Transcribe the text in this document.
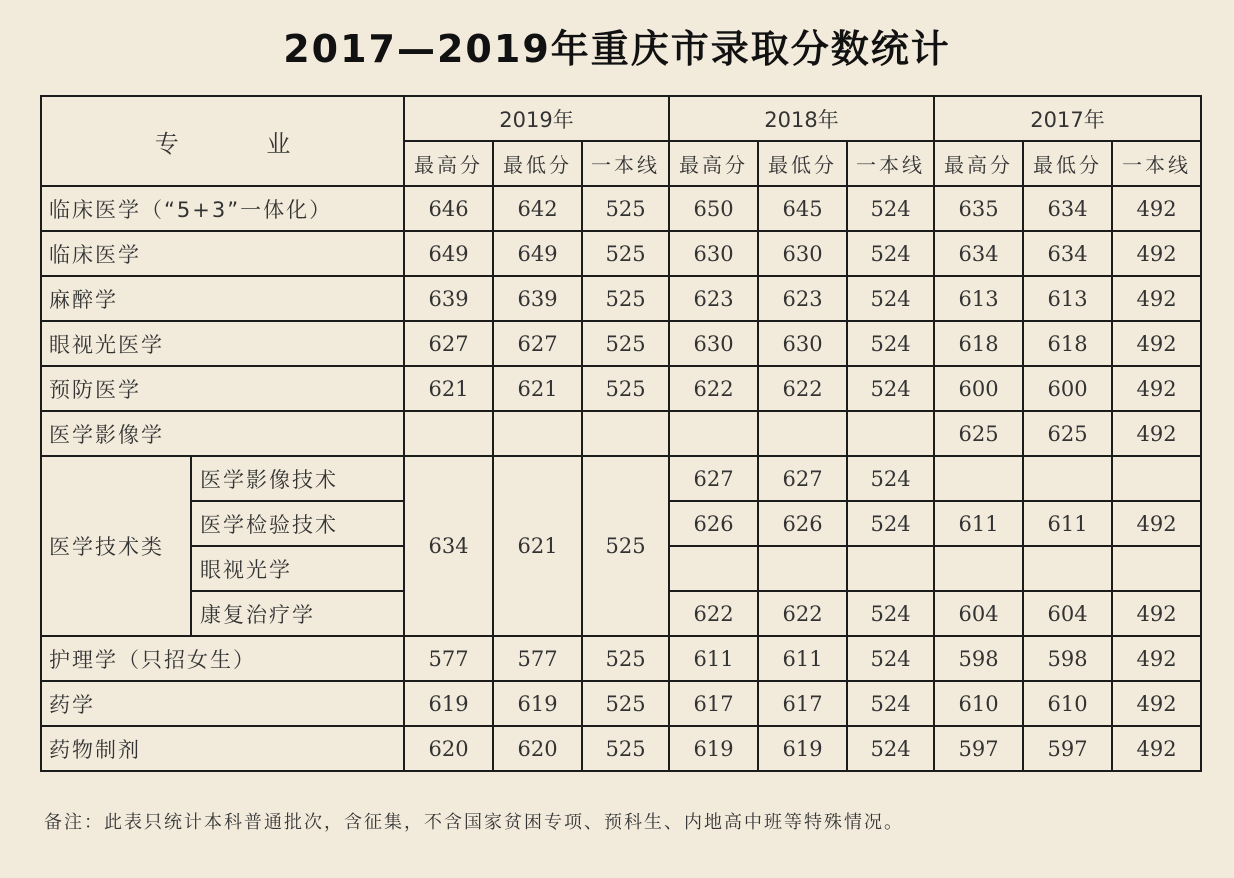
2017—2019年重庆市录取分数统计
专 业		2019年			2018年			2017年		
		最高分	最低分	一本线	最高分	最低分	一本线	最高分	最低分	一本线
临床医学（“5+3”一体化）		646	642	525	650	645	524	635	634	492
临床医学		649	649	525	630	630	524	634	634	492
麻醉学		639	639	525	623	623	524	613	613	492
眼视光医学		627	627	525	630	630	524	618	618	492
预防医学		621	621	525	622	622	524	600	600	492
医学影像学								625	625	492
医学技术类	医学影像技术	634	621	525	627	627	524			
	医学检验技术				626	626	524	611	611	492
	眼视光学									
	康复治疗学				622	622	524	604	604	492
护理学（只招女生）		577	577	525	611	611	524	598	598	492
药学		619	619	525	617	617	524	610	610	492
药物制剂		620	620	525	619	619	524	597	597	492
备注：此表只统计本科普通批次，含征集，不含国家贫困专项、预科生、内地高中班等特殊情况。
